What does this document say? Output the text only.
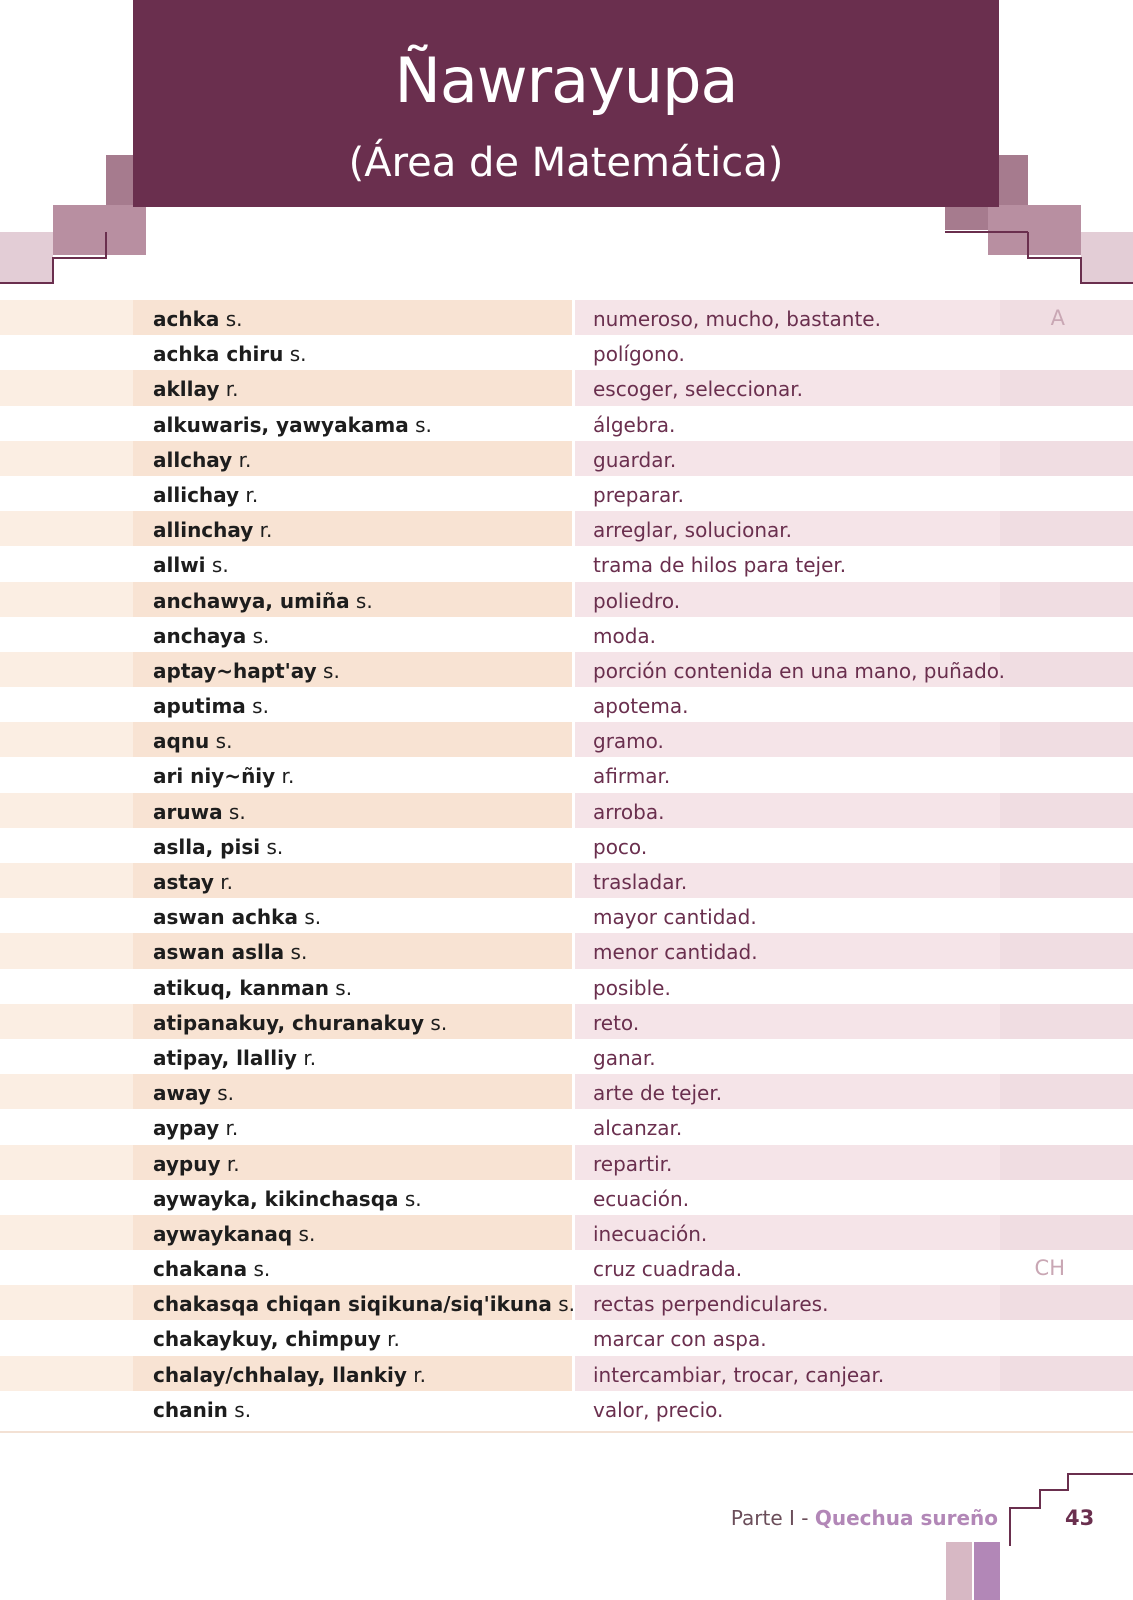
Ñawrayupa
(Área de Matemática)
achka s.	numeroso, mucho, bastante.	A
achka chiru s.	polígono.
akllay r.	escoger, seleccionar.
alkuwaris, yawyakama s.	álgebra.
allchay r.	guardar.
allichay r.	preparar.
allinchay r.	arreglar, solucionar.
allwi s.	trama de hilos para tejer.
anchawya, umiña s.	poliedro.
anchaya s.	moda.
aptay~hapt'ay s.	porción contenida en una mano, puñado.
aputima s.	apotema.
aqnu s.	gramo.
ari niy~ñiy r.	afirmar.
aruwa s.	arroba.
aslla, pisi s.	poco.
astay r.	trasladar.
aswan achka s.	mayor cantidad.
aswan aslla s.	menor cantidad.
atikuq, kanman s.	posible.
atipanakuy, churanakuy s.	reto.
atipay, llalliy r.	ganar.
away s.	arte de tejer.
aypay r.	alcanzar.
aypuy r.	repartir.
aywayka, kikinchasqa s.	ecuación.
aywaykanaq s.	inecuación.
chakana s.	cruz cuadrada.	CH
chakasqa chiqan siqikuna/siq'ikuna s. rectas perpendiculares.
chakaykuy, chimpuy r.	marcar con aspa.
chalay/chhalay, llankiy r.	intercambiar, trocar, canjear.
chanin s.	valor, precio.
Parte I - Quechua sureño	43
